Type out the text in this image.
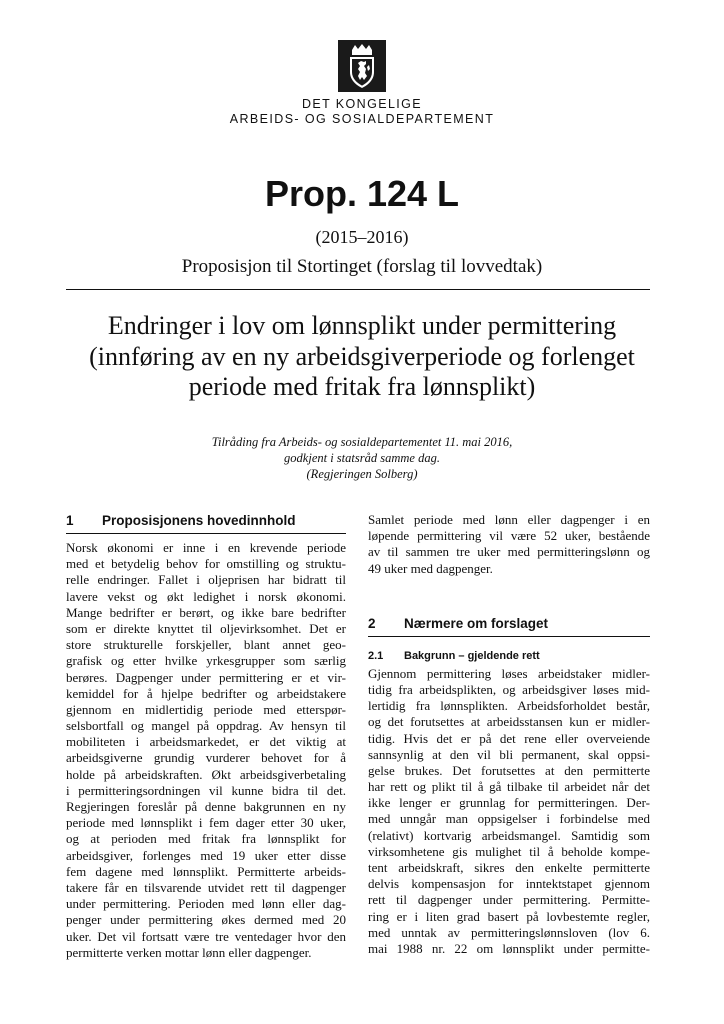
DET KONGELIGE
ARBEIDS- OG SOSIALDEPARTEMENT
Prop. 124 L
(2015–2016)
Proposisjon til Stortinget (forslag til lovvedtak)
Endringer i lov om lønnsplikt under permittering
(innføring av en ny arbeidsgiverperiode og forlenget
periode med fritak fra lønnsplikt)
Tilråding fra Arbeids- og sosialdepartementet 11. mai 2016,
godkjent i statsråd samme dag.
(Regjeringen Solberg)
1 Proposisjonens hovedinnhold
Norsk økonomi er inne i en krevende periode
med et betydelig behov for omstilling og struktu-
relle endringer. Fallet i oljeprisen har bidratt til
lavere vekst og økt ledighet i norsk økonomi.
Mange bedrifter er berørt, og ikke bare bedrifter
som er direkte knyttet til oljevirksomhet. Det er
store strukturelle forskjeller, blant annet geo-
grafisk og etter hvilke yrkesgrupper som særlig
berøres. Dagpenger under permittering er et vir-
kemiddel for å hjelpe bedrifter og arbeidstakere
gjennom en midlertidig periode med etterspør-
selsbortfall og mangel på oppdrag. Av hensyn til
mobiliteten i arbeidsmarkedet, er det viktig at
arbeidsgiverne grundig vurderer behovet for å
holde på arbeidskraften. Økt arbeidsgiverbetaling
i permitteringsordningen vil kunne bidra til det.
Regjeringen foreslår på denne bakgrunnen en ny
periode med lønnsplikt i fem dager etter 30 uker,
og at perioden med fritak fra lønnsplikt for
arbeidsgiver, forlenges med 19 uker etter disse
fem dagene med lønnsplikt. Permitterte arbeids-
takere får en tilsvarende utvidet rett til dagpenger
under permittering. Perioden med lønn eller dag-
penger under permittering økes dermed med 20
uker. Det vil fortsatt være tre ventedager hvor den
permitterte verken mottar lønn eller dagpenger.
Samlet periode med lønn eller dagpenger i en
løpende permittering vil være 52 uker, bestående
av til sammen tre uker med permitteringslønn og
49 uker med dagpenger.
2 Nærmere om forslaget
2.1 Bakgrunn – gjeldende rett
Gjennom permittering løses arbeidstaker midler-
tidig fra arbeidsplikten, og arbeidsgiver løses mid-
lertidig fra lønnsplikten. Arbeidsforholdet består,
og det forutsettes at arbeidsstansen kun er midler-
tidig. Hvis det er på det rene eller overveiende
sannsynlig at den vil bli permanent, skal oppsi-
gelse brukes. Det forutsettes at den permitterte
har rett og plikt til å gå tilbake til arbeidet når det
ikke lenger er grunnlag for permitteringen. Der-
med unngår man oppsigelser i forbindelse med
(relativt) kortvarig arbeidsmangel. Samtidig som
virksomhetene gis mulighet til å beholde kompe-
tent arbeidskraft, sikres den enkelte permitterte
delvis kompensasjon for inntektstapet gjennom
rett til dagpenger under permittering. Permitte-
ring er i liten grad basert på lovbestemte regler,
med unntak av permitteringslønnsloven (lov 6.
mai 1988 nr. 22 om lønnsplikt under permitte-
